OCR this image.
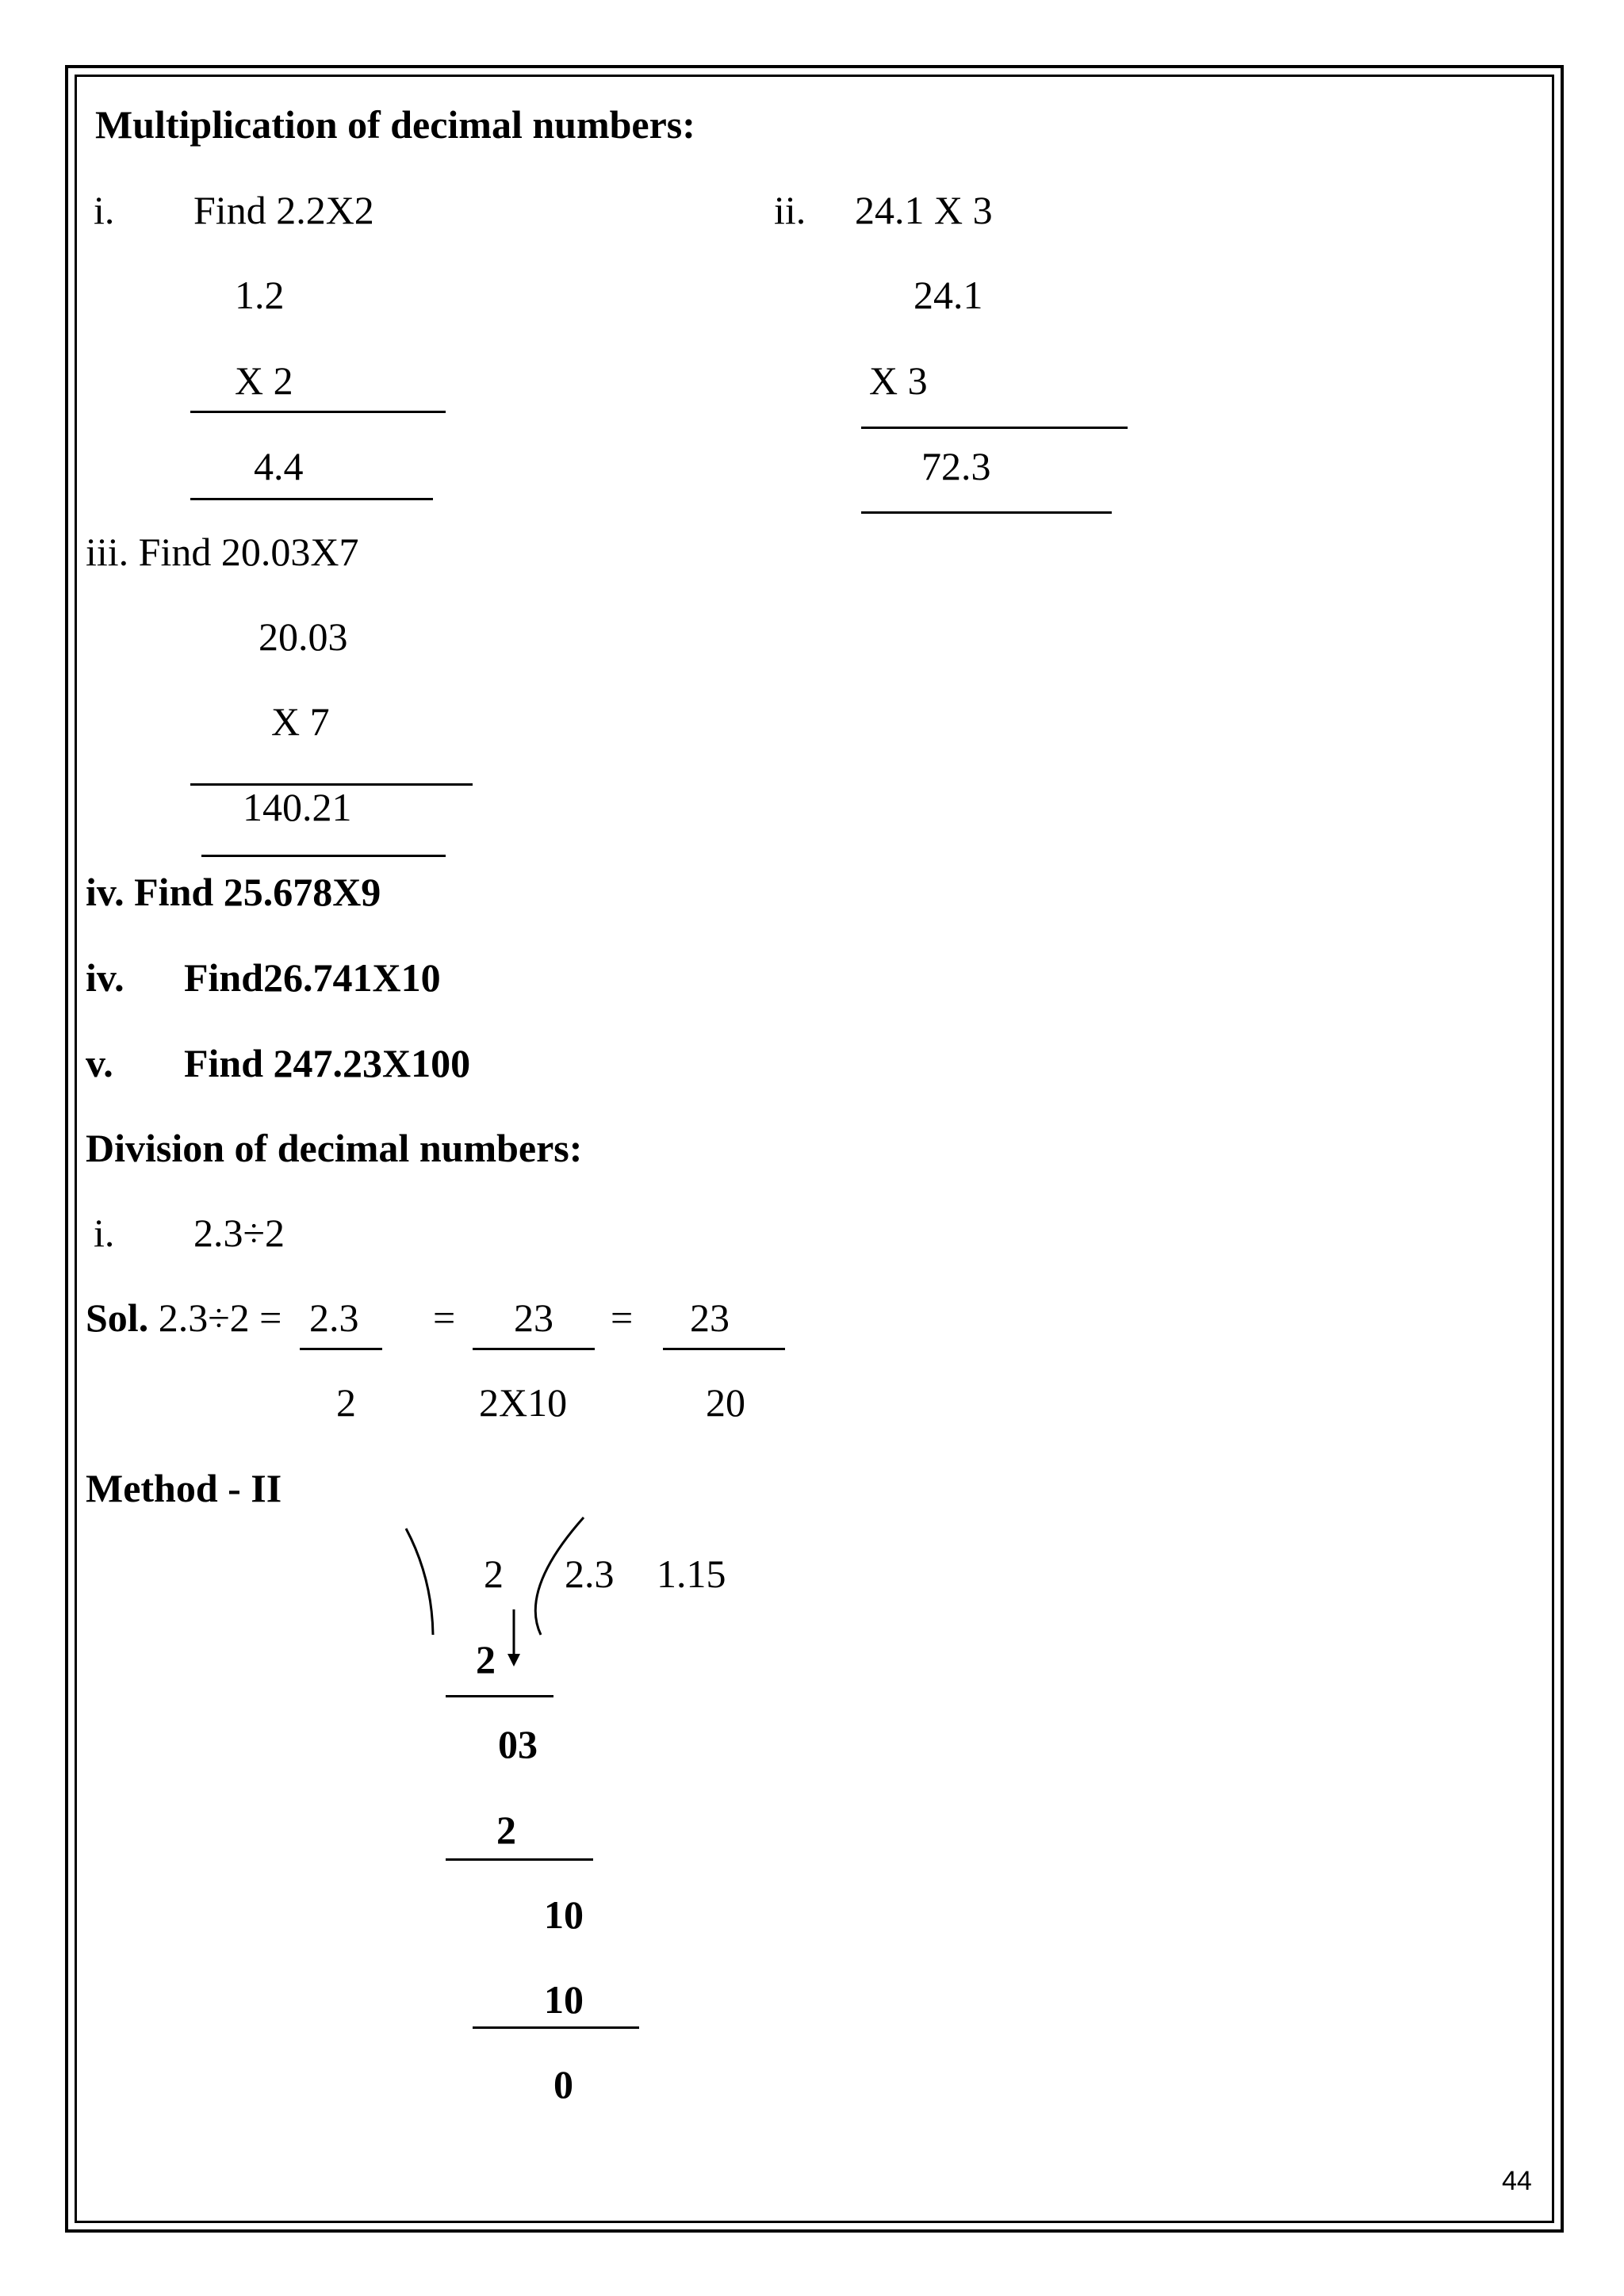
Multiplication of decimal numbers:
i. Find 2.2X2
1.2
X 2
4.4
ii. 24.1 X 3
24.1
X 3
72.3
iii. Find 20.03X7
20.03
X 7
140.21
iv. Find 25.678X9
iv. Find26.741X10
v. Find 247.23X100
Division of decimal numbers:
i. 2.3÷2
Sol. 2.3÷2 = 2.3
2
= 23
2X10
= 23
20
Method - II
2 2.3 1.15
2
03
2
10
10
0
44
